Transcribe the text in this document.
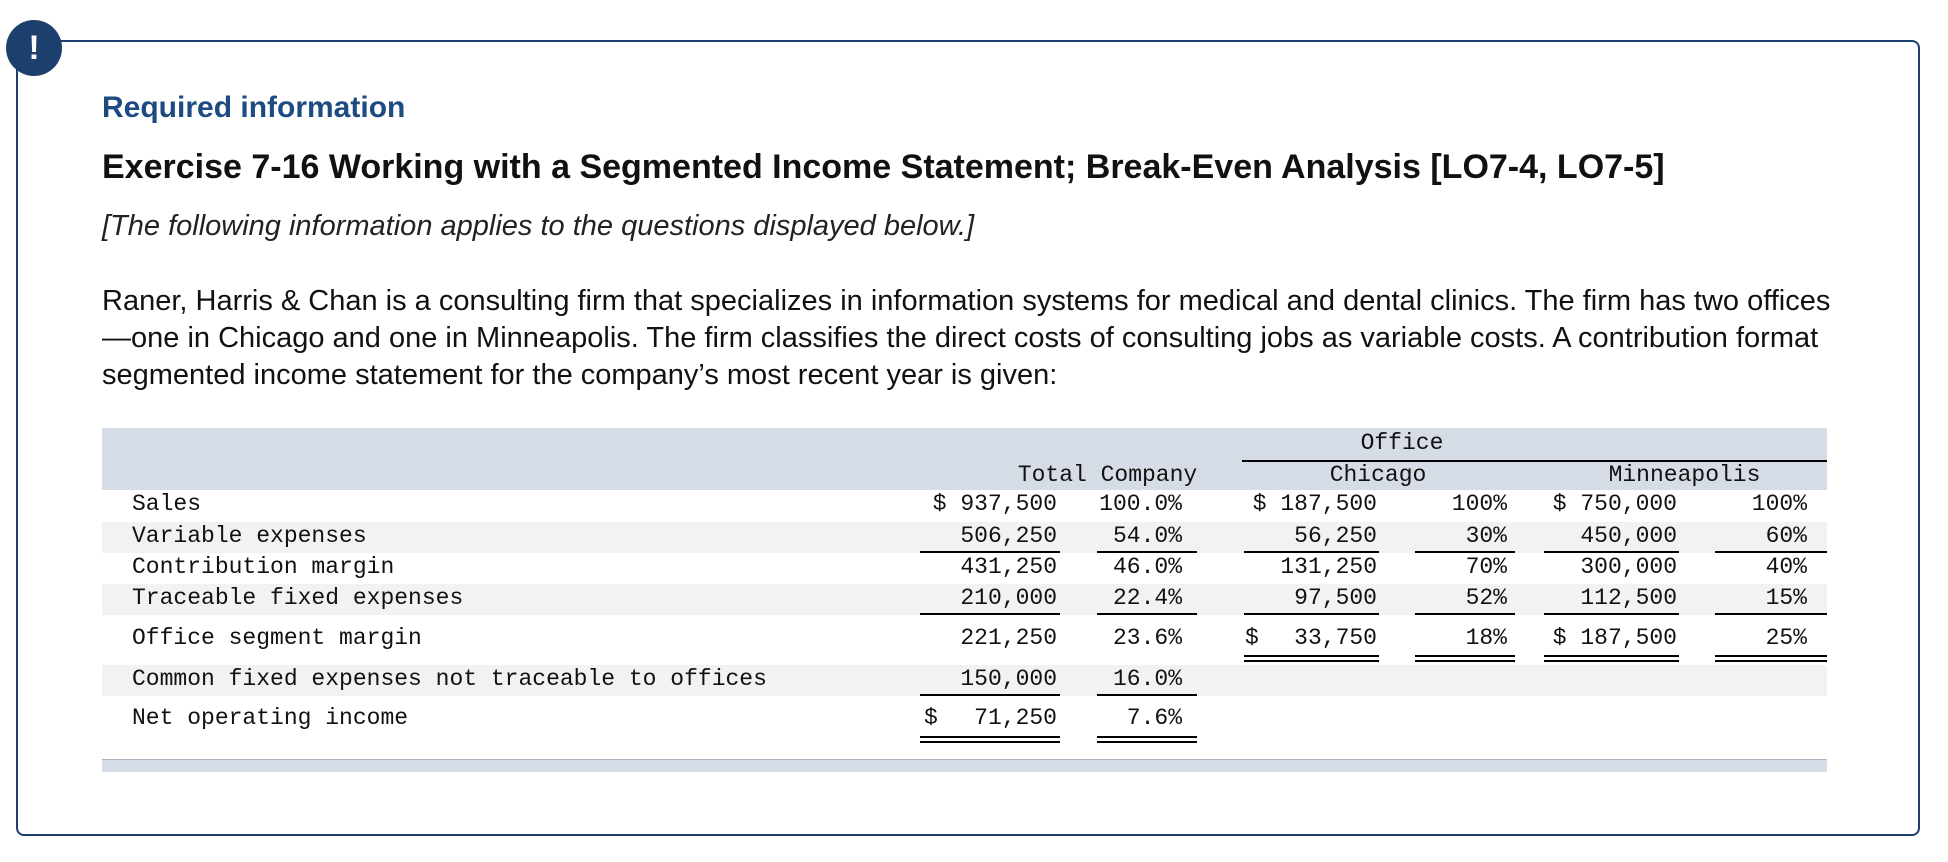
!
Required information
Exercise 7-16 Working with a Segmented Income Statement; Break-Even Analysis [LO7-4, LO7-5]
[The following information applies to the questions displayed below.]
Raner, Harris & Chan is a consulting firm that specializes in information systems for medical and dental clinics. The firm has two offices—one in Chicago and one in Minneapolis. The firm classifies the direct costs of consulting jobs as variable costs. A contribution format segmented income statement for the company’s most recent year is given:
Office
Total Company	Chicago	Minneapolis
Sales	$ 937,500	100.0%	$ 187,500	100%	$ 750,000	100%
Variable expenses	506,250	54.0%	56,250	30%	450,000	60%
Contribution margin	431,250	46.0%	131,250	70%	300,000	40%
Traceable fixed expenses	210,000	22.4%	97,500	52%	112,500	15%
Office segment margin	221,250	23.6%	$	33,750	18%	$ 187,500	25%
Common fixed expenses not traceable to offices	150,000	16.0%
Net operating income	$	71,250	7.6%
